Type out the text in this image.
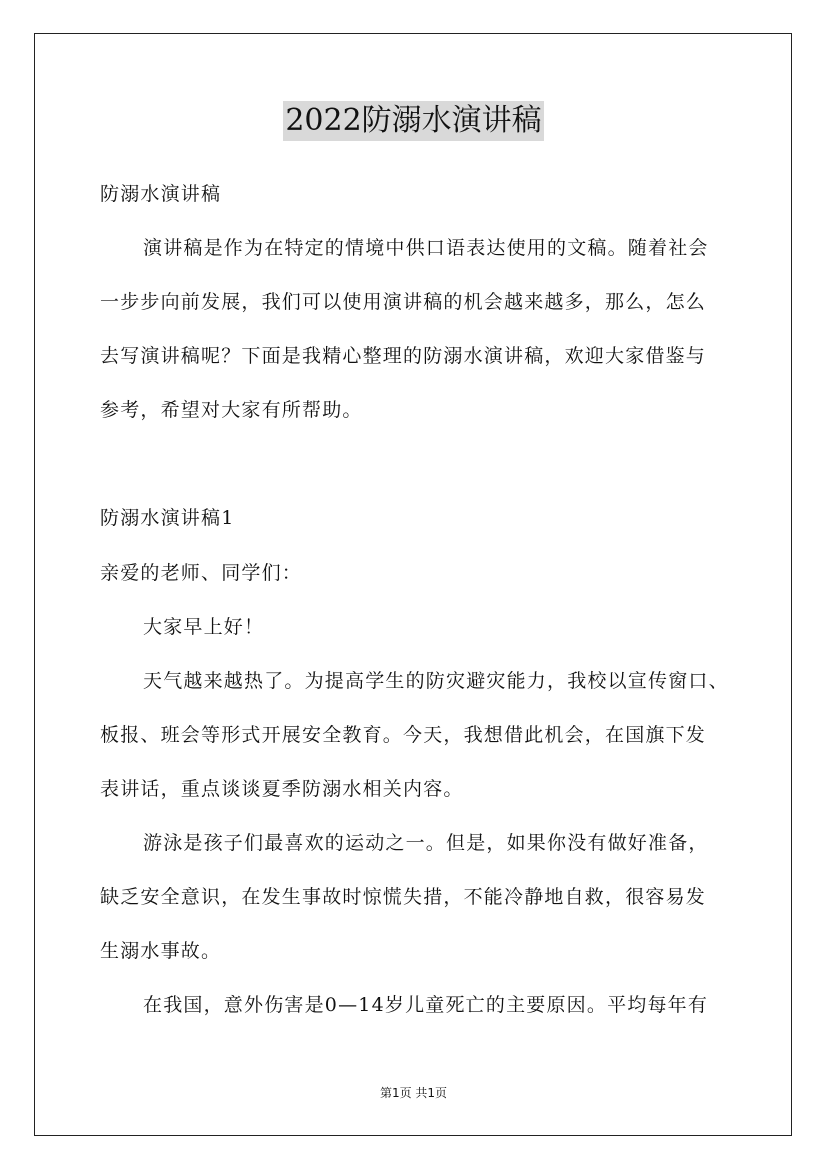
2022防溺水演讲稿
防溺水演讲稿
演讲稿是作为在特定的情境中供口语表达使用的文稿。随着社会
一步步向前发展，我们可以使用演讲稿的机会越来越多，那么，怎么
去写演讲稿呢？下面是我精心整理的防溺水演讲稿，欢迎大家借鉴与
参考，希望对大家有所帮助。
防溺水演讲稿1
亲爱的老师、同学们：
大家早上好！
天气越来越热了。为提高学生的防灾避灾能力，我校以宣传窗口、
板报、班会等形式开展安全教育。今天，我想借此机会，在国旗下发
表讲话，重点谈谈夏季防溺水相关内容。
游泳是孩子们最喜欢的运动之一。但是，如果你没有做好准备，
缺乏安全意识，在发生事故时惊慌失措，不能冷静地自救，很容易发
生溺水事故。
在我国，意外伤害是0—14岁儿童死亡的主要原因。平均每年有
第1页 共1页
